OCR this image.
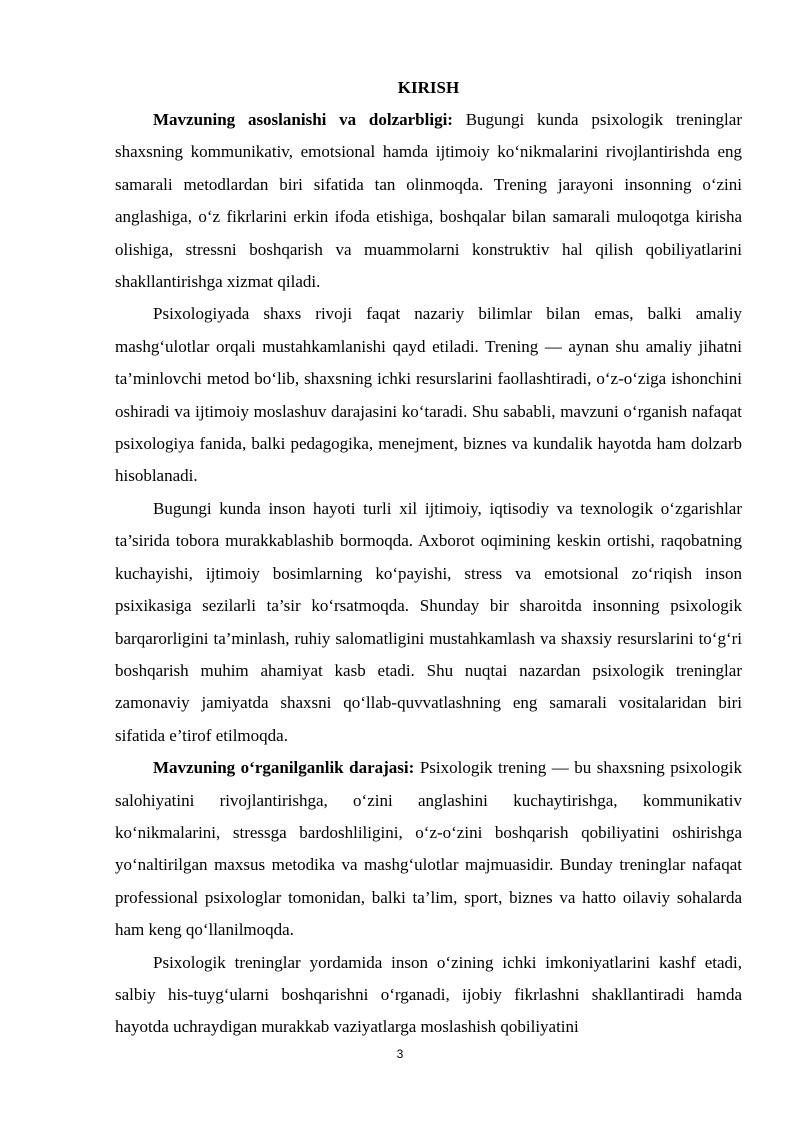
KIRISH

Mavzuning asoslanishi va dolzarbligi: Bugungi kunda psixologik treninglar shaxsning kommunikativ, emotsional hamda ijtimoiy ko‘nikmalarini rivojlantirishda eng samarali metodlardan biri sifatida tan olinmoqda. Trening jarayoni insonning o‘zini anglashiga, o‘z fikrlarini erkin ifoda etishiga, boshqalar bilan samarali muloqotga kirisha olishiga, stressni boshqarish va muammolarni konstruktiv hal qilish qobiliyatlarini shakllantirishga xizmat qiladi.

Psixologiyada shaxs rivoji faqat nazariy bilimlar bilan emas, balki amaliy mashg‘ulotlar orqali mustahkamlanishi qayd etiladi. Trening — aynan shu amaliy jihatni ta’minlovchi metod bo‘lib, shaxsning ichki resurslarini faollashtiradi, o‘z-o‘ziga ishonchini oshiradi va ijtimoiy moslashuv darajasini ko‘taradi. Shu sababli, mavzuni o‘rganish nafaqat psixologiya fanida, balki pedagogika, menejment, biznes va kundalik hayotda ham dolzarb hisoblanadi.

Bugungi kunda inson hayoti turli xil ijtimoiy, iqtisodiy va texnologik o‘zgarishlar ta’sirida tobora murakkablashib bormoqda. Axborot oqimining keskin ortishi, raqobatning kuchayishi, ijtimoiy bosimlarning ko‘payishi, stress va emotsional zo‘riqish inson psixikasiga sezilarli ta’sir ko‘rsatmoqda. Shunday bir sharoitda insonning psixologik barqarorligini ta’minlash, ruhiy salomatligini mustahkamlash va shaxsiy resurslarini to‘g‘ri boshqarish muhim ahamiyat kasb etadi. Shu nuqtai nazardan psixologik treninglar zamonaviy jamiyatda shaxsni qo‘llab-quvvatlashning eng samarali vositalaridan biri sifatida e’tirof etilmoqda.

Mavzuning o‘rganilganlik darajasi: Psixologik trening — bu shaxsning psixologik salohiyatini rivojlantirishga, o‘zini anglashini kuchaytirishga, kommunikativ ko‘nikmalarini, stressga bardoshliligini, o‘z-o‘zini boshqarish qobiliyatini oshirishga yo‘naltirilgan maxsus metodika va mashg‘ulotlar majmuasidir. Bunday treninglar nafaqat professional psixologlar tomonidan, balki ta’lim, sport, biznes va hatto oilaviy sohalarda ham keng qo‘llanilmoqda.

Psixologik treninglar yordamida inson o‘zining ichki imkoniyatlarini kashf etadi, salbiy his-tuyg‘ularni boshqarishni o‘rganadi, ijobiy fikrlashni shakllantiradi hamda hayotda uchraydigan murakkab vaziyatlarga moslashish qobiliyatini

3
